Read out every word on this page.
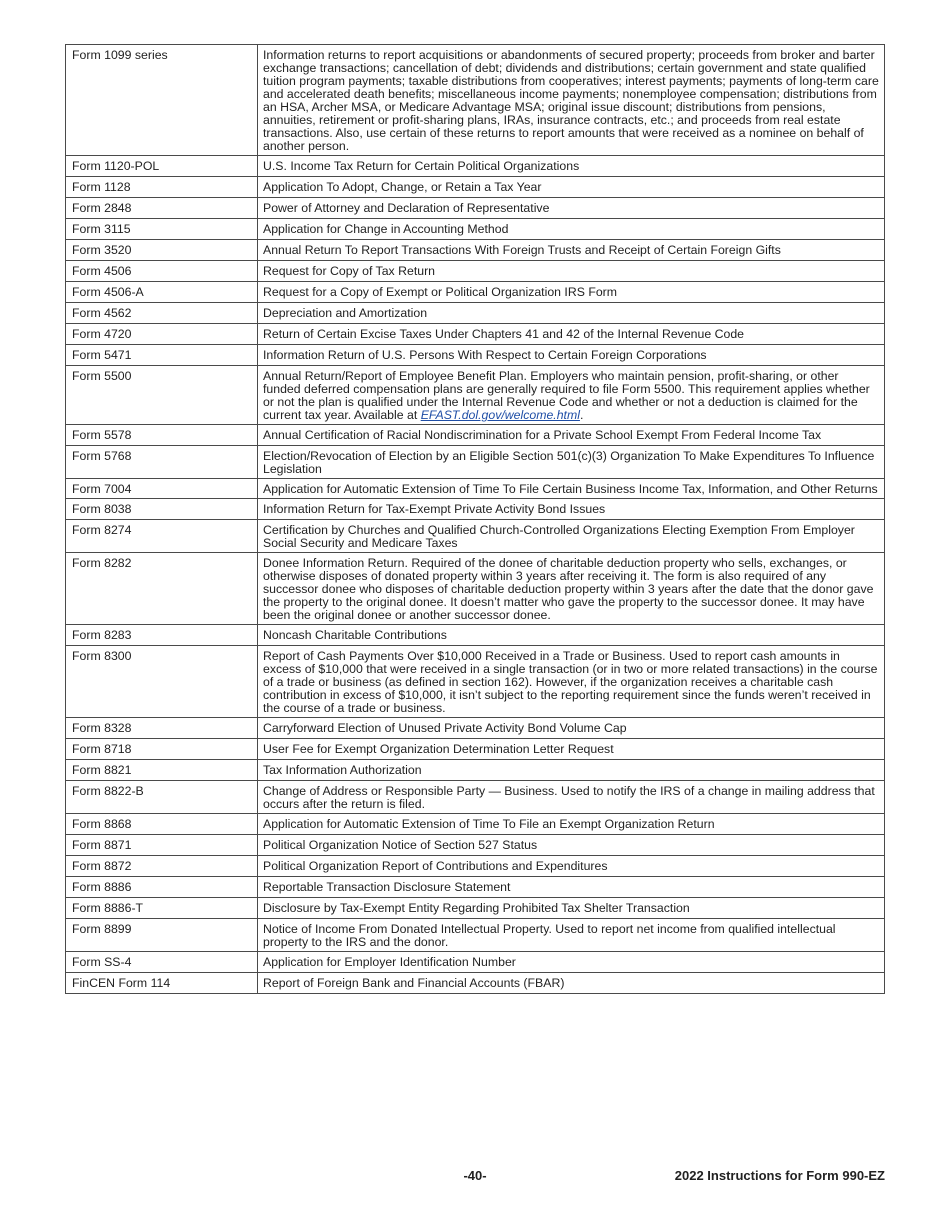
Form 1099 series	Information returns to report acquisitions or abandonments of secured property; proceeds from broker and barter exchange transactions; cancellation of debt; dividends and distributions; certain government and state qualified tuition program payments; taxable distributions from cooperatives; interest payments; payments of long-term care and accelerated death benefits; miscellaneous income payments; nonemployee compensation; distributions from an HSA, Archer MSA, or Medicare Advantage MSA; original issue discount; distributions from pensions, annuities, retirement or profit-sharing plans, IRAs, insurance contracts, etc.; and proceeds from real estate transactions. Also, use certain of these returns to report amounts that were received as a nominee on behalf of another person.
Form 1120-POL	U.S. Income Tax Return for Certain Political Organizations
Form 1128	Application To Adopt, Change, or Retain a Tax Year
Form 2848	Power of Attorney and Declaration of Representative
Form 3115	Application for Change in Accounting Method
Form 3520	Annual Return To Report Transactions With Foreign Trusts and Receipt of Certain Foreign Gifts
Form 4506	Request for Copy of Tax Return
Form 4506-A	Request for a Copy of Exempt or Political Organization IRS Form
Form 4562	Depreciation and Amortization
Form 4720	Return of Certain Excise Taxes Under Chapters 41 and 42 of the Internal Revenue Code
Form 5471	Information Return of U.S. Persons With Respect to Certain Foreign Corporations
Form 5500	Annual Return/Report of Employee Benefit Plan. Employers who maintain pension, profit-sharing, or other funded deferred compensation plans are generally required to file Form 5500. This requirement applies whether or not the plan is qualified under the Internal Revenue Code and whether or not a deduction is claimed for the current tax year. Available at EFAST.dol.gov/welcome.html.
Form 5578	Annual Certification of Racial Nondiscrimination for a Private School Exempt From Federal Income Tax
Form 5768	Election/Revocation of Election by an Eligible Section 501(c)(3) Organization To Make Expenditures To Influence Legislation
Form 7004	Application for Automatic Extension of Time To File Certain Business Income Tax, Information, and Other Returns
Form 8038	Information Return for Tax-Exempt Private Activity Bond Issues
Form 8274	Certification by Churches and Qualified Church-Controlled Organizations Electing Exemption From Employer Social Security and Medicare Taxes
Form 8282	Donee Information Return. Required of the donee of charitable deduction property who sells, exchanges, or otherwise disposes of donated property within 3 years after receiving it. The form is also required of any successor donee who disposes of charitable deduction property within 3 years after the date that the donor gave the property to the original donee. It doesn’t matter who gave the property to the successor donee. It may have been the original donee or another successor donee.
Form 8283	Noncash Charitable Contributions
Form 8300	Report of Cash Payments Over $10,000 Received in a Trade or Business. Used to report cash amounts in excess of $10,000 that were received in a single transaction (or in two or more related transactions) in the course of a trade or business (as defined in section 162). However, if the organization receives a charitable cash contribution in excess of $10,000, it isn’t subject to the reporting requirement since the funds weren’t received in the course of a trade or business.
Form 8328	Carryforward Election of Unused Private Activity Bond Volume Cap
Form 8718	User Fee for Exempt Organization Determination Letter Request
Form 8821	Tax Information Authorization
Form 8822-B	Change of Address or Responsible Party — Business. Used to notify the IRS of a change in mailing address that occurs after the return is filed.
Form 8868	Application for Automatic Extension of Time To File an Exempt Organization Return
Form 8871	Political Organization Notice of Section 527 Status
Form 8872	Political Organization Report of Contributions and Expenditures
Form 8886	Reportable Transaction Disclosure Statement
Form 8886-T	Disclosure by Tax-Exempt Entity Regarding Prohibited Tax Shelter Transaction
Form 8899	Notice of Income From Donated Intellectual Property. Used to report net income from qualified intellectual property to the IRS and the donor.
Form SS-4	Application for Employer Identification Number
FinCEN Form 114	Report of Foreign Bank and Financial Accounts (FBAR)
-40-	2022 Instructions for Form 990-EZ
